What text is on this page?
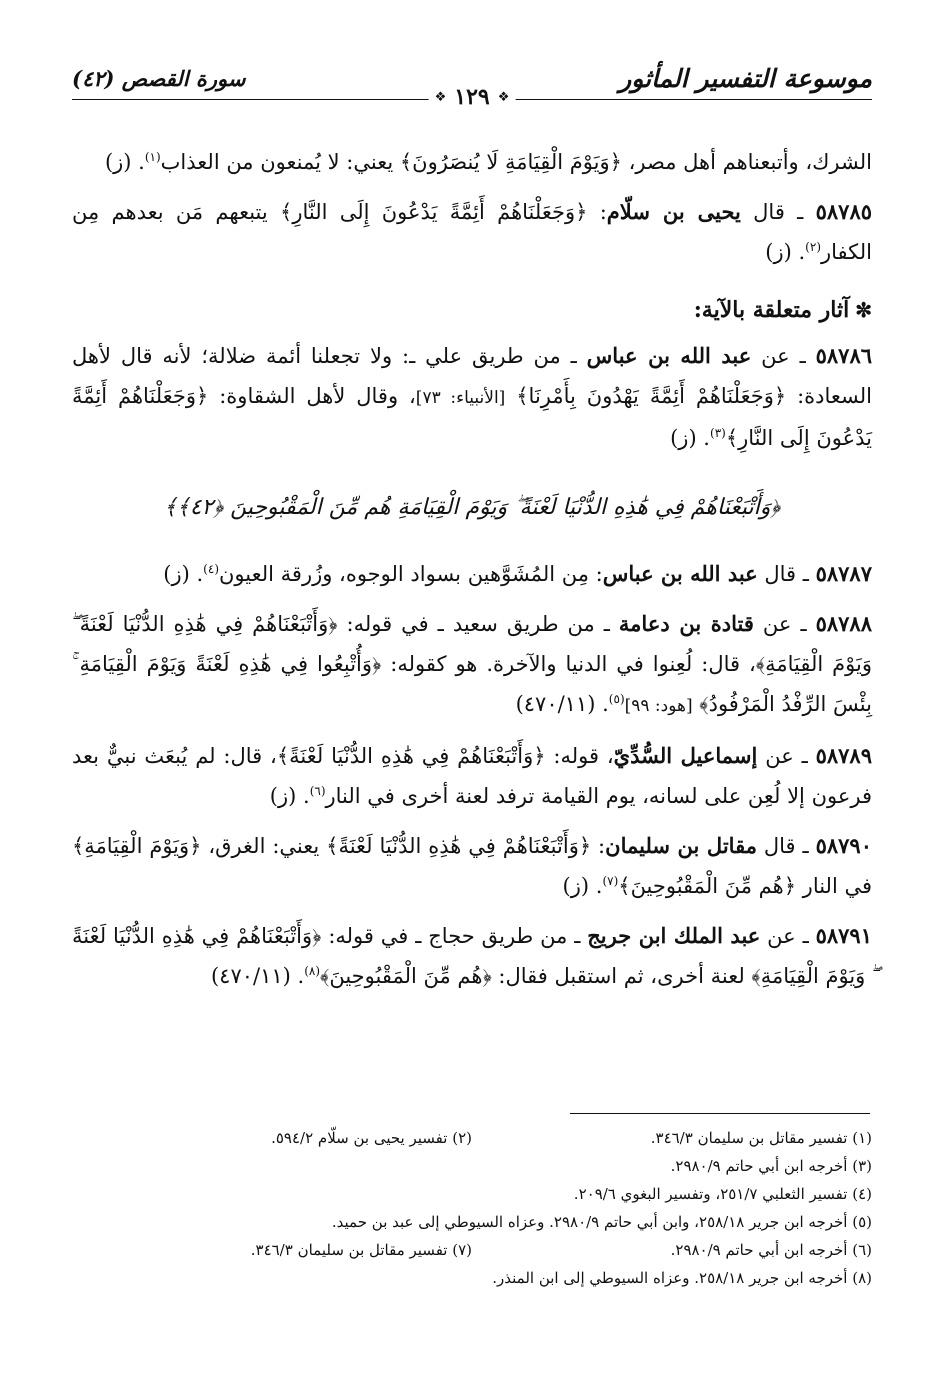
موسوعة التفسير المأثور
❖
١٢٩
❖
سورة القصص (٤٢)

الشرك، وأتبعناهم أهل مصر، ﴿وَيَوْمَ الْقِيَامَةِ لَا يُنصَرُونَ﴾ يعني: لا يُمنعون من العذاب$^{(١)}$. (ز)

٥٨٧٨٥ ـ قال يحيى بن سلّام: ﴿وَجَعَلْنَاهُمْ أَئِمَّةً يَدْعُونَ إِلَى النَّارِ﴾ يتبعهم مَن بعدهم مِن الكفار$^{(٢)}$. (ز)

✼آثار متعلقة بالآية:

٥٨٧٨٦ ـ عن عبد الله بن عباس ـ من طريق علي ـ: ولا تجعلنا أئمة ضلالة؛ لأنه قال لأهل السعادة: ﴿وَجَعَلْنَاهُمْ أَئِمَّةً يَهْدُونَ بِأَمْرِنَا﴾ [الأنبياء: ٧٣]، وقال لأهل الشقاوة: ﴿وَجَعَلْنَاهُمْ أَئِمَّةً يَدْعُونَ إِلَى النَّارِ﴾$^{(٣)}$. (ز)

﴿وَأَتْبَعْنَاهُمْ فِي هَٰذِهِ الدُّنْيَا لَعْنَةً ۖ وَيَوْمَ الْقِيَامَةِ هُم مِّنَ الْمَقْبُوحِينَ ﴿٤٢﴾﴾

٥٨٧٨٧ ـ قال عبد الله بن عباس: مِن المُشَوَّهين بسواد الوجوه، وزُرقة العيون$^{(٤)}$. (ز)

٥٨٧٨٨ ـ عن قتادة بن دعامة ـ من طريق سعيد ـ في قوله: ﴿وَأَتْبَعْنَاهُمْ فِي هَٰذِهِ الدُّنْيَا لَعْنَةً ۖ وَيَوْمَ الْقِيَامَةِ﴾، قال: لُعِنوا في الدنيا والآخرة. هو كقوله: ﴿وَأُتْبِعُوا فِي هَٰذِهِ لَعْنَةً وَيَوْمَ الْقِيَامَةِ ۚ بِئْسَ الرِّفْدُ الْمَرْفُودُ﴾ [هود: ٩٩]$^{(٥)}$. (٤٧٠/١١)

٥٨٧٨٩ ـ عن إسماعيل السُّدِّيّ، قوله: ﴿وَأَتْبَعْنَاهُمْ فِي هَٰذِهِ الدُّنْيَا لَعْنَةً﴾، قال: لم يُبعَث نبيٌّ بعد فرعون إلا لُعِن على لسانه، يوم القيامة ترفد لعنة أخرى في النار$^{(٦)}$. (ز)

٥٨٧٩٠ ـ قال مقاتل بن سليمان: ﴿وَأَتْبَعْنَاهُمْ فِي هَٰذِهِ الدُّنْيَا لَعْنَةً﴾ يعني: الغرق، ﴿وَيَوْمَ الْقِيَامَةِ﴾ في النار ﴿هُم مِّنَ الْمَقْبُوحِينَ﴾$^{(٧)}$. (ز)

٥٨٧٩١ ـ عن عبد الملك ابن جريج ـ من طريق حجاج ـ في قوله: ﴿وَأَتْبَعْنَاهُمْ فِي هَٰذِهِ الدُّنْيَا لَعْنَةً ۖ وَيَوْمَ الْقِيَامَةِ﴾ لعنة أخرى، ثم استقبل فقال: ﴿هُم مِّنَ الْمَقْبُوحِينَ﴾$^{(٨)}$. (٤٧٠/١١)

(١) تفسير مقاتل بن سليمان ٣٤٦/٣.
(٢) تفسير يحيى بن سلّام ٥٩٤/٢.
(٣) أخرجه ابن أبي حاتم ٢٩٨٠/٩.
(٤) تفسير الثعلبي ٢٥١/٧، وتفسير البغوي ٢٠٩/٦.
(٥) أخرجه ابن جرير ٢٥٨/١٨، وابن أبي حاتم ٢٩٨٠/٩. وعزاه السيوطي إلى عبد بن حميد.
(٦) أخرجه ابن أبي حاتم ٢٩٨٠/٩.
(٧) تفسير مقاتل بن سليمان ٣٤٦/٣.
(٨) أخرجه ابن جرير ٢٥٨/١٨. وعزاه السيوطي إلى ابن المنذر.
